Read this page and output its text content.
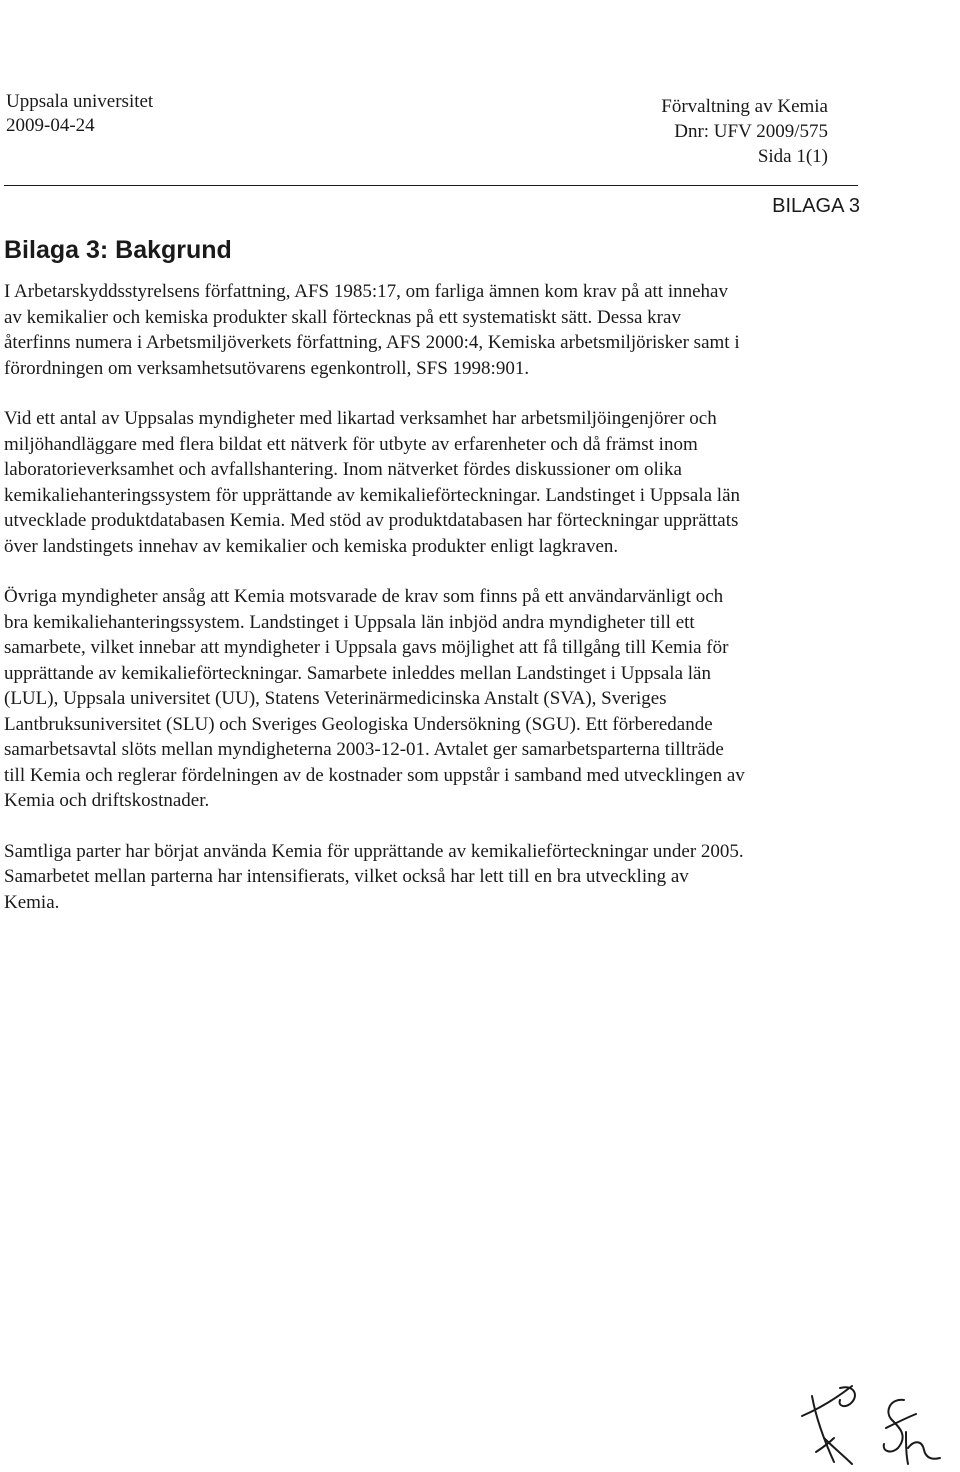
Uppsala universitet
2009-04-24
Förvaltning av Kemia
Dnr: UFV 2009/575
Sida 1(1)
BILAGA 3
Bilaga 3: Bakgrund

I Arbetarskyddsstyrelsens författning, AFS 1985:17, om farliga ämnen kom krav på att innehav
av kemikalier och kemiska produkter skall förtecknas på ett systematiskt sätt. Dessa krav
återfinns numera i Arbetsmiljöverkets författning, AFS 2000:4, Kemiska arbetsmiljörisker samt i
förordningen om verksamhetsutövarens egenkontroll, SFS 1998:901.

Vid ett antal av Uppsalas myndigheter med likartad verksamhet har arbetsmiljöingenjörer och
miljöhandläggare med flera bildat ett nätverk för utbyte av erfarenheter och då främst inom
laboratorieverksamhet och avfallshantering. Inom nätverket fördes diskussioner om olika
kemikaliehanteringssystem för upprättande av kemikalieförteckningar. Landstinget i Uppsala län
utvecklade produktdatabasen Kemia. Med stöd av produktdatabasen har förteckningar upprättats
över landstingets innehav av kemikalier och kemiska produkter enligt lagkraven.

Övriga myndigheter ansåg att Kemia motsvarade de krav som finns på ett användarvänligt och
bra kemikaliehanteringssystem. Landstinget i Uppsala län inbjöd andra myndigheter till ett
samarbete, vilket innebar att myndigheter i Uppsala gavs möjlighet att få tillgång till Kemia för
upprättande av kemikalieförteckningar. Samarbete inleddes mellan Landstinget i Uppsala län
(LUL), Uppsala universitet (UU), Statens Veterinärmedicinska Anstalt (SVA), Sveriges
Lantbruksuniversitet (SLU) och Sveriges Geologiska Undersökning (SGU). Ett förberedande
samarbetsavtal slöts mellan myndigheterna 2003-12-01. Avtalet ger samarbetsparterna tillträde
till Kemia och reglerar fördelningen av de kostnader som uppstår i samband med utvecklingen av
Kemia och driftskostnader.

Samtliga parter har börjat använda Kemia för upprättande av kemikalieförteckningar under 2005.
Samarbetet mellan parterna har intensifierats, vilket också har lett till en bra utveckling av
Kemia.
